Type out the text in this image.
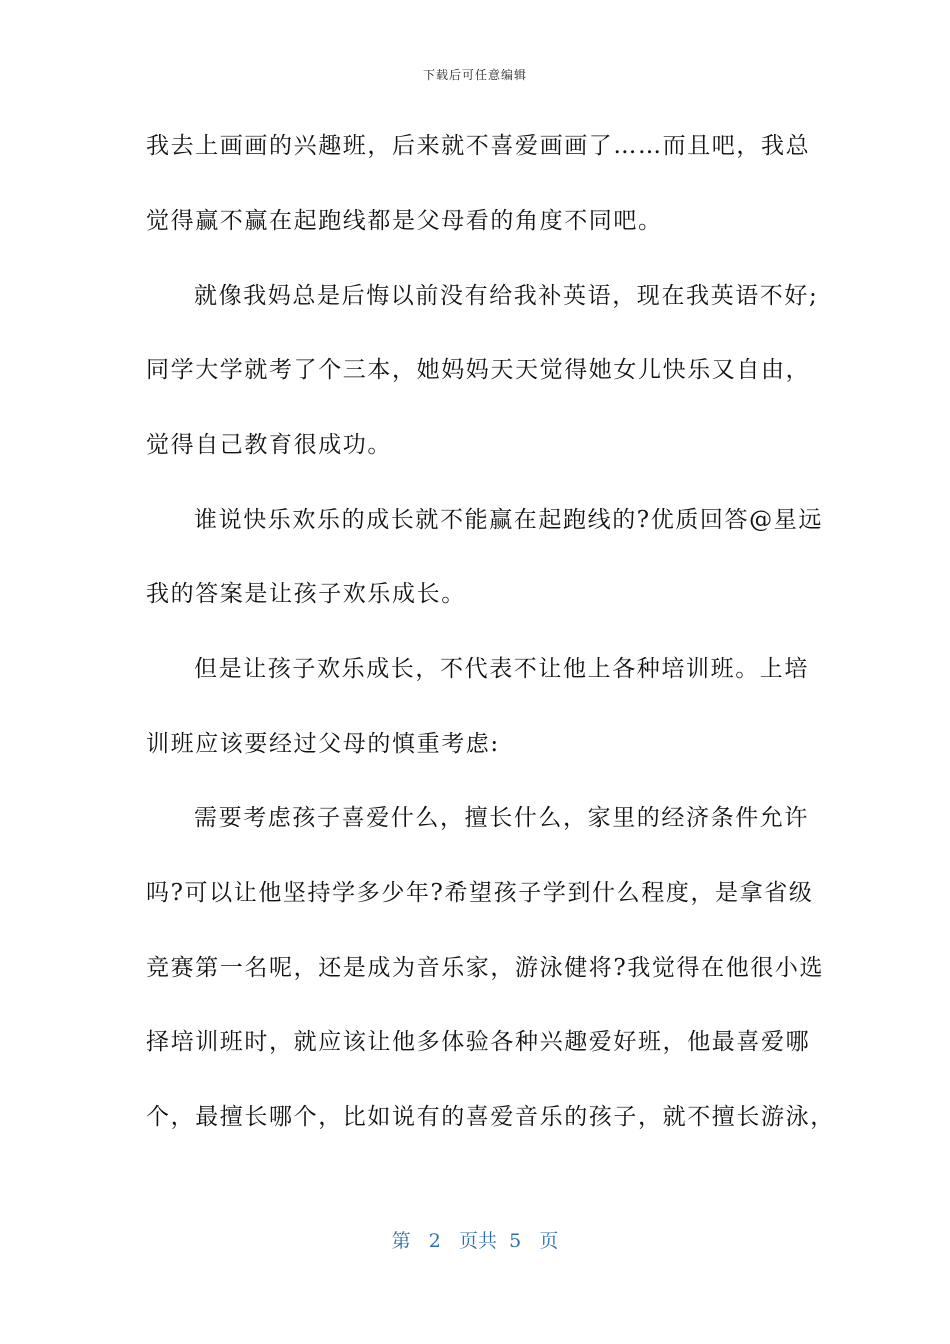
下载后可任意编辑
我去上画画的兴趣班，后来就不喜爱画画了……而且吧，我总
觉得赢不赢在起跑线都是父母看的角度不同吧。
就像我妈总是后悔以前没有给我补英语，现在我英语不好;
同学大学就考了个三本，她妈妈天天觉得她女儿快乐又自由，
觉得自己教育很成功。
谁说快乐欢乐的成长就不能赢在起跑线的?优质回答@星远
我的答案是让孩子欢乐成长。
但是让孩子欢乐成长，不代表不让他上各种培训班。上培
训班应该要经过父母的慎重考虑:
需要考虑孩子喜爱什么，擅长什么，家里的经济条件允许
吗?可以让他坚持学多少年?希望孩子学到什么程度，是拿省级
竞赛第一名呢，还是成为音乐家，游泳健将?我觉得在他很小选
择培训班时，就应该让他多体验各种兴趣爱好班，他最喜爱哪
个，最擅长哪个，比如说有的喜爱音乐的孩子，就不擅长游泳，
第 2 页共 5 页
